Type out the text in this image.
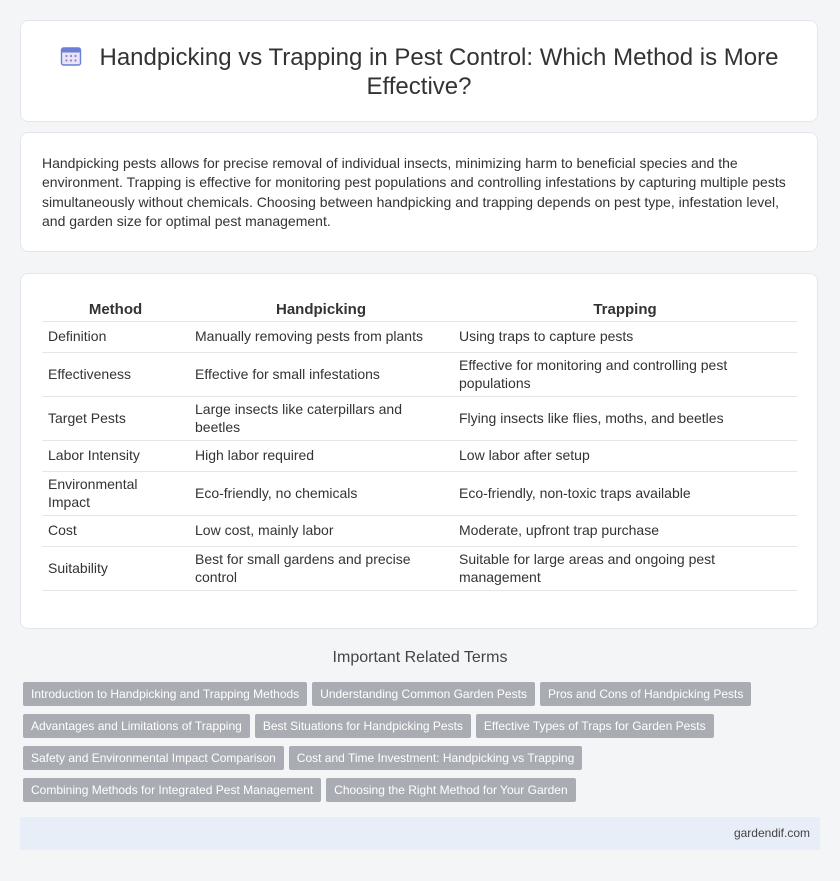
Handpicking vs Trapping in Pest Control: Which Method is More Effective?
Handpicking pests allows for precise removal of individual insects, minimizing harm to beneficial species and the environment. Trapping is effective for monitoring pest populations and controlling infestations by capturing multiple pests simultaneously without chemicals. Choosing between handpicking and trapping depends on pest type, infestation level, and garden size for optimal pest management.
Method	Handpicking	Trapping
Definition	Manually removing pests from plants	Using traps to capture pests
Effectiveness	Effective for small infestations	Effective for monitoring and controlling pest populations
Target Pests	Large insects like caterpillars and beetles	Flying insects like flies, moths, and beetles
Labor Intensity	High labor required	Low labor after setup
Environmental Impact	Eco-friendly, no chemicals	Eco-friendly, non-toxic traps available
Cost	Low cost, mainly labor	Moderate, upfront trap purchase
Suitability	Best for small gardens and precise control	Suitable for large areas and ongoing pest management
Important Related Terms
Introduction to Handpicking and Trapping Methods Understanding Common Garden Pests Pros and Cons of Handpicking Pests
Advantages and Limitations of Trapping Best Situations for Handpicking Pests Effective Types of Traps for Garden Pests
Safety and Environmental Impact Comparison Cost and Time Investment: Handpicking vs Trapping
Combining Methods for Integrated Pest Management Choosing the Right Method for Your Garden
gardendif.com
